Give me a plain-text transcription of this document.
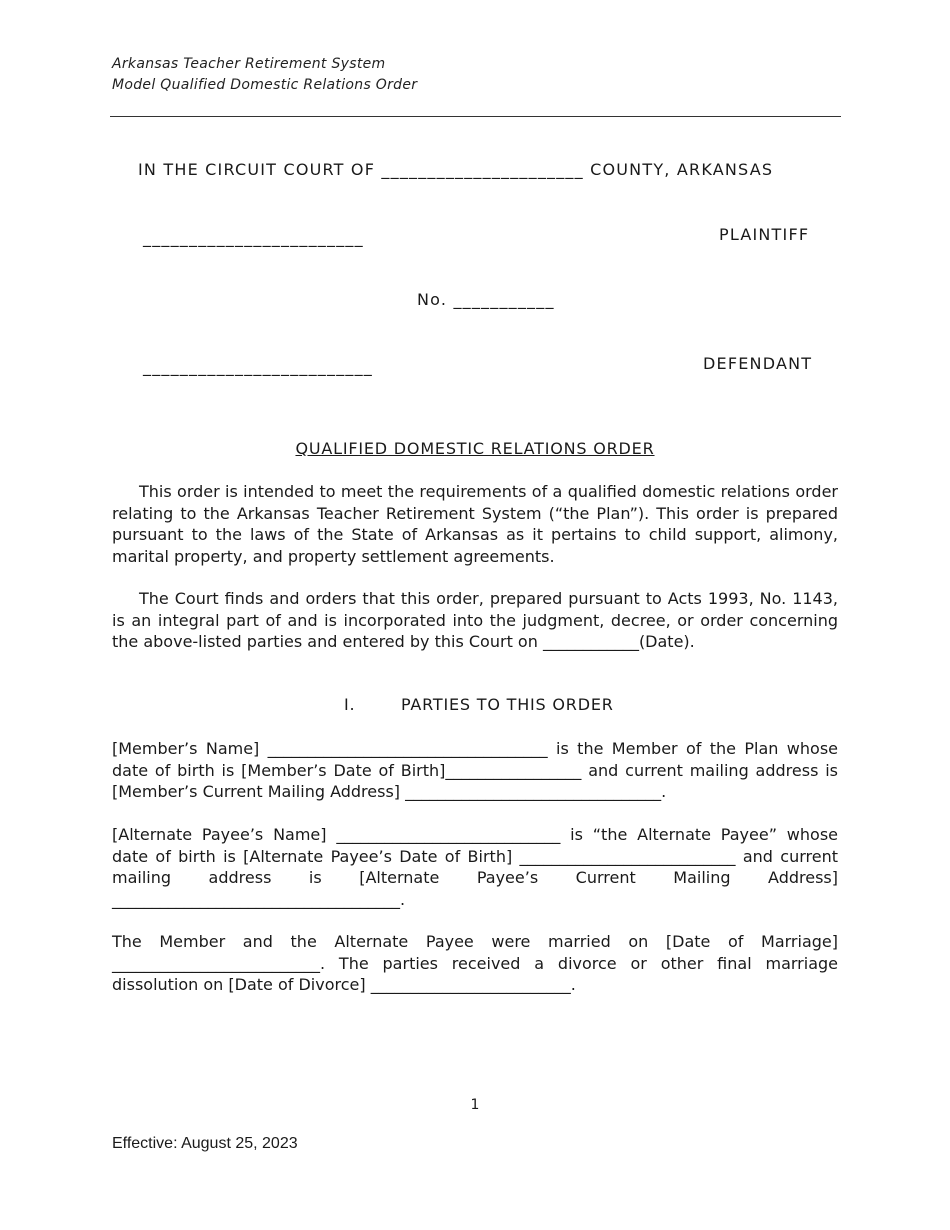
Arkansas Teacher Retirement System
Model Qualified Domestic Relations Order
IN THE CIRCUIT COURT OF ______________________ COUNTY, ARKANSAS
________________________	PLAINTIFF
No. ___________
_________________________	DEFENDANT
QUALIFIED DOMESTIC RELATIONS ORDER

This order is intended to meet the requirements of a qualified domestic relations order relating to the Arkansas Teacher Retirement System (“the Plan”). This order is prepared pursuant to the laws of the State of Arkansas as it pertains to child support, alimony, marital property, and property settlement agreements.

The Court finds and orders that this order, prepared pursuant to Acts 1993, No. 1143, is an integral part of and is incorporated into the judgment, decree, or order concerning the above-listed parties and entered by this Court on ____________(Date).

I.	PARTIES TO THIS ORDER

[Member’s Name] ___________________________________ is the Member of the Plan whose date of birth is [Member’s Date of Birth]_________________ and current mailing address is [Member’s Current Mailing Address] ________________________________.

[Alternate Payee’s Name] ____________________________ is “the Alternate Payee” whose date of birth is [Alternate Payee’s Date of Birth] ___________________________ and current mailing address is [Alternate Payee’s Current Mailing Address] ____________________________________.

The Member and the Alternate Payee were married on [Date of Marriage] __________________________. The parties received a divorce or other final marriage dissolution on [Date of Divorce] _________________________.

1
Effective: August 25, 2023
